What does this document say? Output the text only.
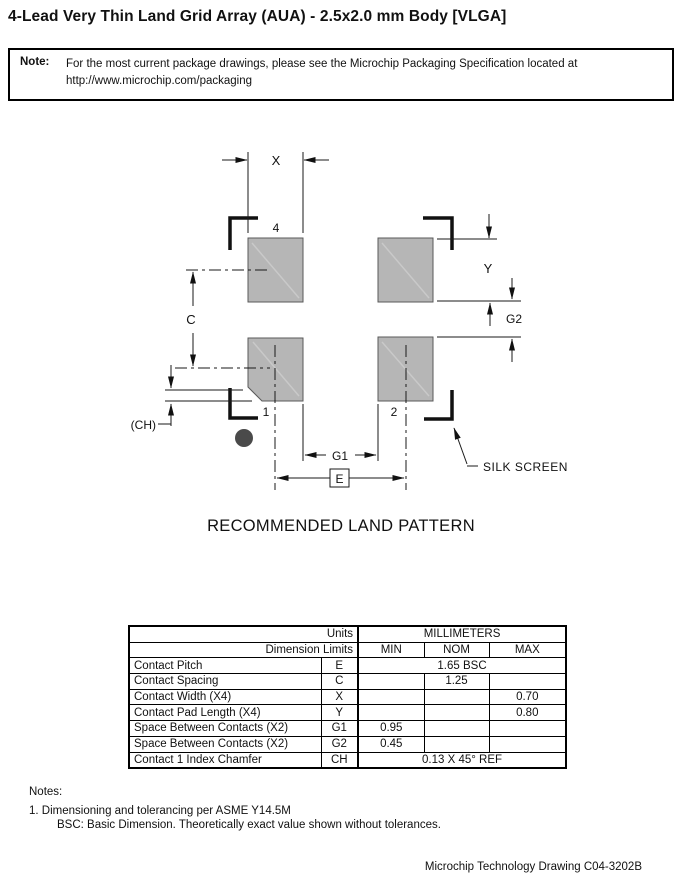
4-Lead Very Thin Land Grid Array (AUA) - 2.5x2.0 mm Body [VLGA]
Note:	For the most current package drawings, please see the Microchip Packaging Specification located at
http://www.microchip.com/packaging
X
Y
G2
C
(CH)
G1
E
4
1	2
SILK SCREEN
RECOMMENDED LAND PATTERN
Units		MILLIMETERS		
Dimension Limits		MIN	NOM	MAX
Contact Pitch	E	1.65 BSC		
Contact Spacing	C		1.25	
Contact Width (X4)	X			0.70
Contact Pad Length (X4)	Y			0.80
Space Between Contacts (X2)	G1	0.95		
Space Between Contacts (X2)	G2	0.45		
Contact 1 Index Chamfer	CH	0.13 X 45° REF		
Notes:
1. Dimensioning and tolerancing per ASME Y14.5M
BSC: Basic Dimension. Theoretically exact value shown without tolerances.
Microchip Technology Drawing C04-3202B
